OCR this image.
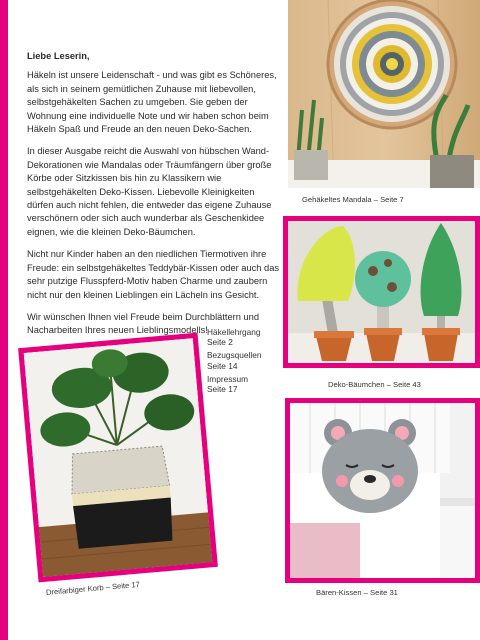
Liebe Leserin,

Häkeln ist unsere Leidenschaft - und was gibt es Schöneres, als sich in seinem gemütlichen Zuhause mit liebevollen, selbstgehäkelten Sachen zu umgeben. Sie geben der Wohnung eine individuelle Note und wir haben schon beim Häkeln Spaß und Freude an den neuen Deko-Sachen.

In dieser Ausgabe reicht die Auswahl von hübschen Wand-Dekorationen wie Mandalas oder Träumfängern über große Körbe oder Sitzkissen bis hin zu Klassikern wie selbstgehäkelten Deko-Kissen. Liebevolle Kleinigkeiten dürfen auch nicht fehlen, die entweder das eigene Zuhause verschönern oder sich auch wunderbar als Geschenkidee eignen, wie die kleinen Deko-Bäumchen.

Nicht nur Kinder haben an den niedlichen Tiermotiven ihre Freude: ein selbstgehäkeltes Teddybär-Kissen oder auch das sehr putzige Flusspferd-Motiv haben Charme und zaubern nicht nur den kleinen Lieblingen ein Lächeln ins Gesicht.

Wir wünschen Ihnen viel Freude beim Durchblättern und Nacharbeiten Ihres neuen Lieblingsmodells!

Gehäkeltes Mandala – Seite 7
Deko-Bäumchen – Seite 43
Häkellehrgang
Seite 2
Bezugsquellen
Seite 14
Impressum
Seite 17
Dreifarbiger Korb – Seite 17	Bären-Kissen – Seite 31
